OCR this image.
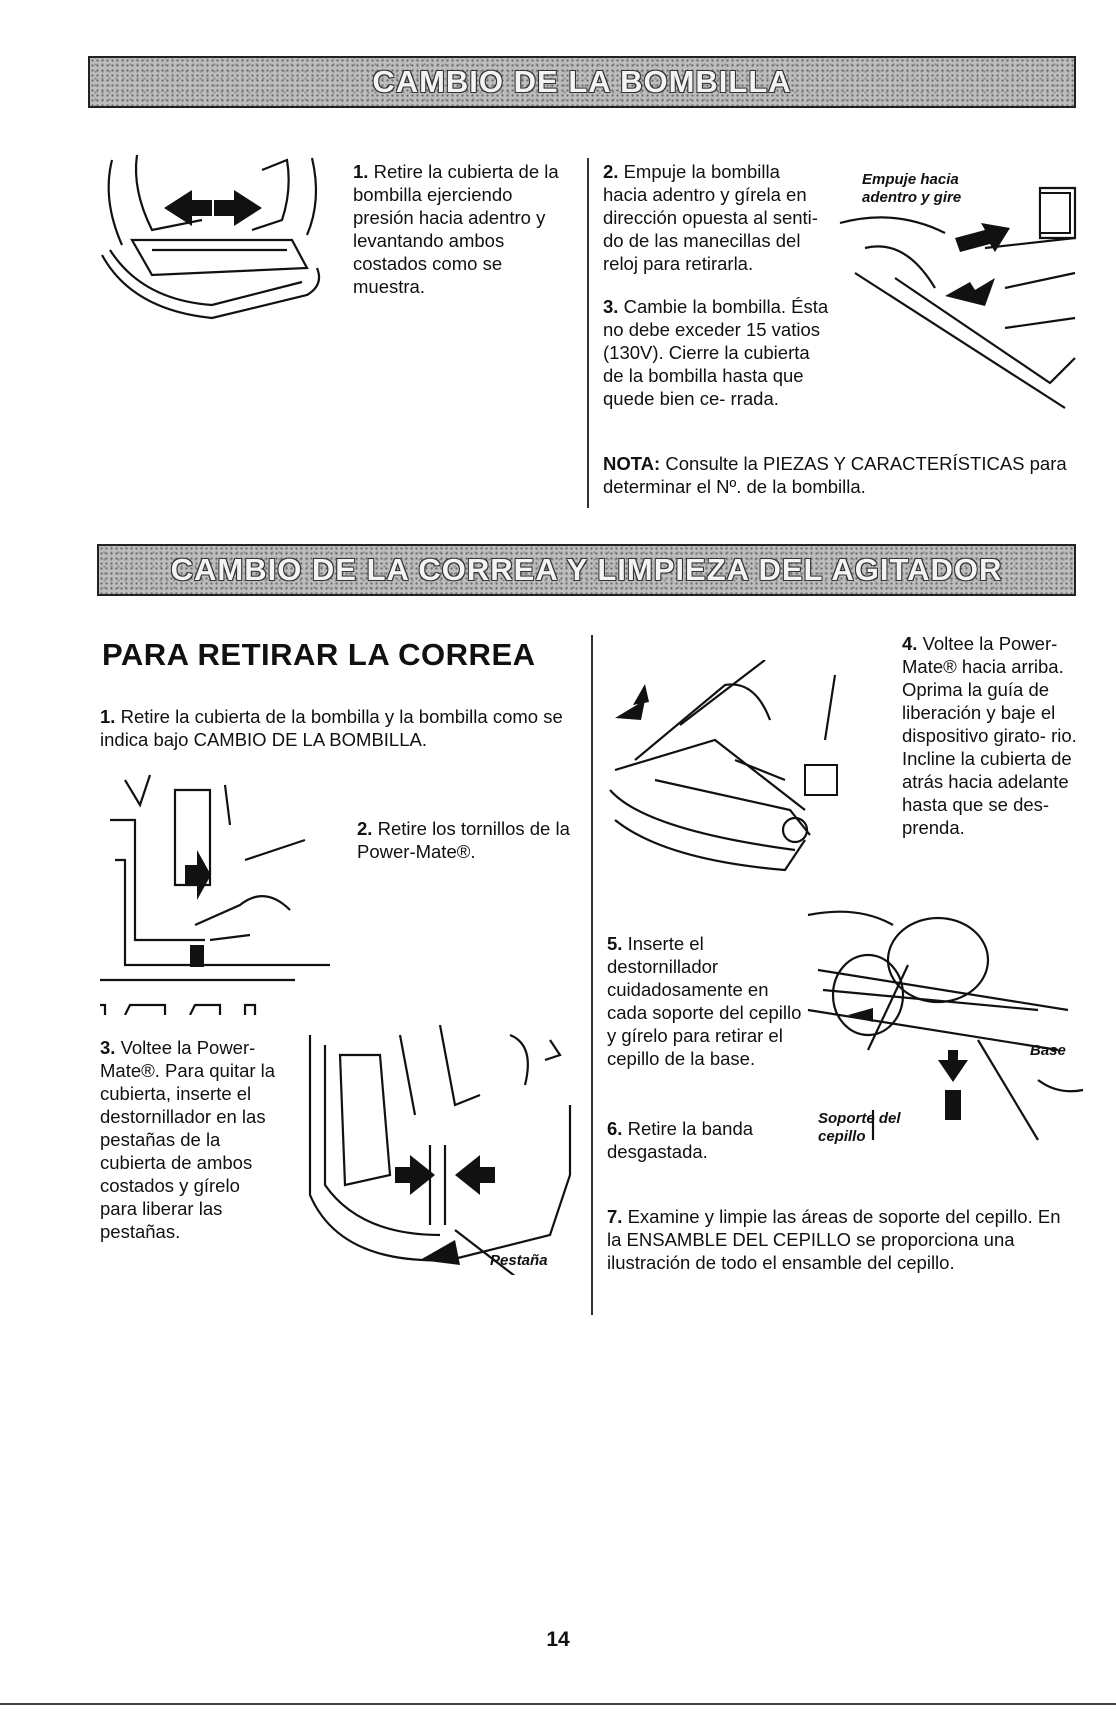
CAMBIO DE LA BOMBILLA
1. Retire la cubierta de la bombilla ejerciendo presión hacia adentro y levantando ambos costados como se muestra.
2. Empuje la bombilla hacia adentro y gírela en dirección opuesta al senti- do de las manecillas del reloj para retirarla.
3. Cambie la bombilla. Ésta no debe exceder 15 vatios (130V). Cierre la cubierta de la bombilla hasta que quede bien ce- rrada.
Empuje hacia adentro y gire
NOTA: Consulte la PIEZAS Y CARACTERÍSTICAS para determinar el Nº. de la bombilla.
CAMBIO DE LA CORREA Y LIMPIEZA DEL AGITADOR
PARA RETIRAR LA CORREA
1. Retire la cubierta de la bombilla y la bombilla como se indica bajo CAMBIO DE LA BOMBILLA.
2. Retire los tornillos de la Power-Mate®.
3. Voltee la Power-Mate®. Para quitar la cubierta, inserte el destornillador en las pestañas de la cubierta de ambos costados y gírelo para liberar las pestañas.
Pestaña
4. Voltee la Power-Mate® hacia arriba. Oprima la guía de liberación y baje el dispositivo girato- rio. Incline la cubierta de atrás hacia adelante hasta que se des- prenda.
5. Inserte el destornillador cuidadosamente en cada soporte del cepillo y gírelo para retirar el cepillo de la base.	Base
Soporte del cepillo
6. Retire la banda desgastada.
7. Examine y limpie las áreas de soporte del cepillo. En la ENSAMBLE DEL CEPILLO se proporciona una ilustración de todo el ensamble del cepillo.
14
